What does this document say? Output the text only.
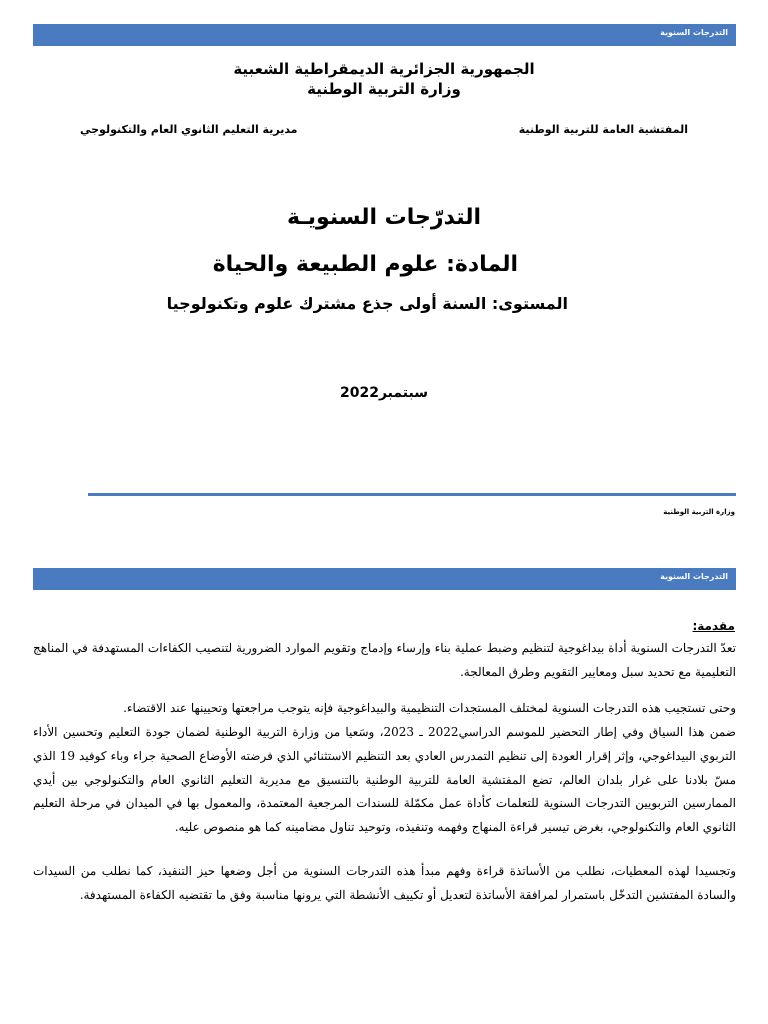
التدرجات السنوية
الجمهورية الجزائرية الديمقراطية الشعبية
وزارة التربية الوطنية
المفتشية العامة للتربية الوطنية
مديرية التعليم الثانوي العام والتكنولوجي
التدرّجات السنويـة
المادة: علوم الطبيعة والحياة
المستوى: السنة أولى جذع مشترك علوم وتكنولوجيا
سبتمبر2022
وزارة التربية الوطنية
التدرجات السنوية
مقدمة:
تعدّ التدرجات السنوية أداة بيداغوجية لتنظيم وضبط عملية بناء وإرساء وإدماج وتقويم الموارد الضرورية لتنصيب الكفاءات المستهدفة في المناهج التعليمية مع تحديد سبل ومعايير التقويم وطرق المعالجة.
وحتى تستجيب هذه التدرجات السنوية لمختلف المستجدات التنظيمية والبيداغوجية فإنه يتوجب مراجعتها وتحيينها عند الاقتضاء.
ضمن هذا السياق وفي إطار التحضير للموسم الدراسي2022 ـ 2023، وسَعيا من وزارة التربية الوطنية لضمان جودة التعليم وتحسين الأداء التربوي البيداغوجي، وإثر إقرار العودة إلى تنظيم التمدرس العادي بعد التنظيم الاستثنائي الذي فرضته الأوضاع الصحية جراء وباء كوفيد 19 الذي مسّ بلادنا على غرار بلدان العالم، تضع المفتشية العامة للتربية الوطنية بالتنسيق مع مديرية التعليم الثانوي العام والتكنولوجي بين أيدي الممارسين التربويين التدرجات السنوية للتعلمات كأداة عمل مكمّلة للسندات المرجعية المعتمدة، والمعمول بها في الميدان في مرحلة التعليم الثانوي العام والتكنولوجي، بغرض تيسير قراءة المنهاج وفهمه وتنفيذه، وتوحيد تناول مضامينه كما هو منصوص عليه.
وتجسيدا لهذه المعطيات، نطلب من الأساتذة قراءة وفهم مبدأ هذه التدرجات السنوية من أجل وضعها حيز التنفيذ، كما نطلب من السيدات والسادة المفتشين التدخّل باستمرار لمرافقة الأساتذة لتعديل أو تكييف الأنشطة التي يرونها مناسبة وفق ما تقتضيه الكفاءة المستهدفة.
